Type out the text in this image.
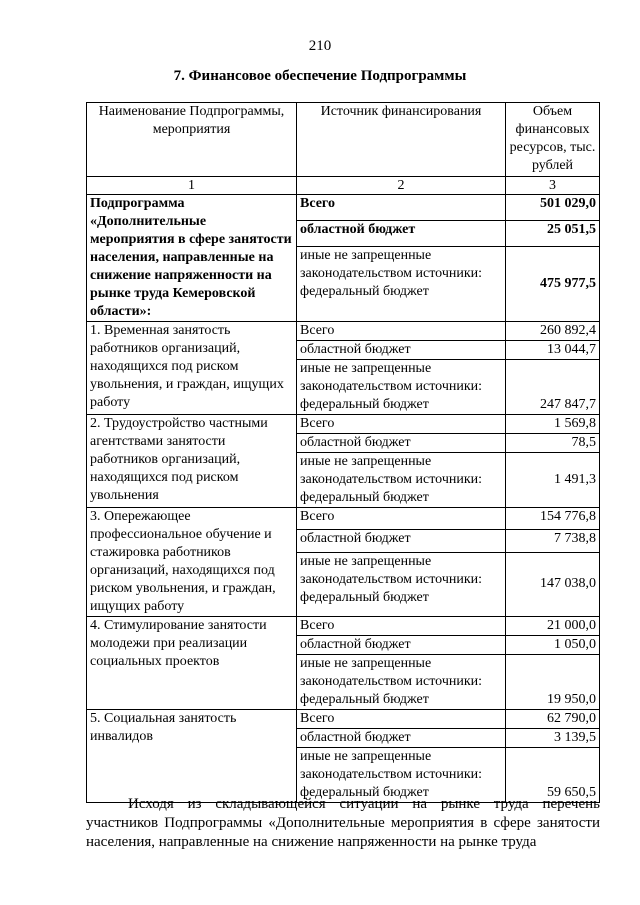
210
7. Финансовое обеспечение Подпрограммы
Наименование Подпрограммы, мероприятия	Источник финансирования	Объем финансовых ресурсов, тыс. рублей
1	2	3
Подпрограмма «Дополнительные мероприятия в сфере занятости населения, направленные на снижение напряженности на рынке труда Кемеровской области»:	Всего	501 029,0
	областной бюджет	25 051,5
	иные не запрещенные законодательством источники: федеральный бюджет	475 977,5
1. Временная занятость работников организаций, находящихся под риском увольнения, и граждан, ищущих работу	Всего	260 892,4
	областной бюджет	13 044,7
	иные не запрещенные законодательством источники: федеральный бюджет	247 847,7
2. Трудоустройство частными агентствами занятости работников организаций, находящихся под риском увольнения	Всего	1 569,8
	областной бюджет	78,5
	иные не запрещенные законодательством источники: федеральный бюджет	1 491,3
3. Опережающее профессиональное обучение и стажировка работников организаций, находящихся под риском увольнения, и граждан, ищущих работу	Всего	154 776,8
	областной бюджет	7 738,8
	иные не запрещенные законодательством источники: федеральный бюджет	147 038,0
4. Стимулирование занятости молодежи при реализации социальных проектов	Всего	21 000,0
	областной бюджет	1 050,0
	иные не запрещенные законодательством источники: федеральный бюджет	19 950,0
5. Социальная занятость инвалидов	Всего	62 790,0
	областной бюджет	3 139,5
	иные не запрещенные законодательством источники: федеральный бюджет	59 650,5
Исходя из складывающейся ситуации на рынке труда перечень участников Подпрограммы «Дополнительные мероприятия в сфере занятости населения, направленные на снижение напряженности на рынке труда
